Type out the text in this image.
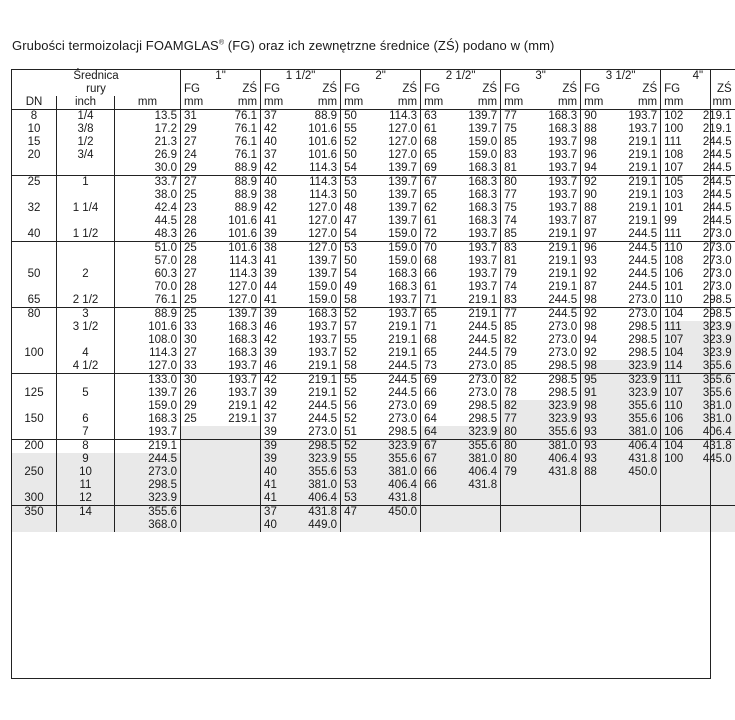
Grubości termoizolacji FOAMGLAS® (FG) oraz ich zewnętrzne średnice (ZŚ) podano w (mm)
Średnica			1"		1 1/2"		2"		2 1/2"		3"		3 1/2"		4"	
rury			FG	ZŚ	FG	ZŚ	FG	ZŚ	FG	ZŚ	FG	ZŚ	FG	ZŚ	FG	ZŚ
DN	inch	mm	mm	mm	mm	mm	mm	mm	mm	mm	mm	mm	mm	mm	mm	mm
8	1/4	13.5	31	76.1	37	88.9	50	114.3	63	139.7	77	168.3	90	193.7	102	219.1
10	3/8	17.2	29	76.1	42	101.6	55	127.0	61	139.7	75	168.3	88	193.7	100	219.1
15	1/2	21.3	27	76.1	40	101.6	52	127.0	68	159.0	85	193.7	98	219.1	111	244.5
20	3/4	26.9	24	76.1	37	101.6	50	127.0	65	159.0	83	193.7	96	219.1	108	244.5
		30.0	29	88.9	42	114.3	54	139.7	69	168.3	81	193.7	94	219.1	107	244.5
25	1	33.7	27	88.9	40	114.3	53	139.7	67	168.3	80	193.7	92	219.1	105	244.5
		38.0	25	88.9	38	114.3	50	139.7	65	168.3	77	193.7	90	219.1	103	244.5
32	1 1/4	42.4	23	88.9	42	127.0	48	139.7	62	168.3	75	193.7	88	219.1	101	244.5
		44.5	28	101.6	41	127.0	47	139.7	61	168.3	74	193.7	87	219.1	99	244.5
40	1 1/2	48.3	26	101.6	39	127.0	54	159.0	72	193.7	85	219.1	97	244.5	111	273.0
		51.0	25	101.6	38	127.0	53	159.0	70	193.7	83	219.1	96	244.5	110	273.0
		57.0	28	114.3	41	139.7	50	159.0	68	193.7	81	219.1	93	244.5	108	273.0
50	2	60.3	27	114.3	39	139.7	54	168.3	66	193.7	79	219.1	92	244.5	106	273.0
		70.0	28	127.0	44	159.0	49	168.3	61	193.7	74	219.1	87	244.5	101	273.0
65	2 1/2	76.1	25	127.0	41	159.0	58	193.7	71	219.1	83	244.5	98	273.0	110	298.5
80	3	88.9	25	139.7	39	168.3	52	193.7	65	219.1	77	244.5	92	273.0	104	298.5
	3 1/2	101.6	33	168.3	46	193.7	57	219.1	71	244.5	85	273.0	98	298.5	111	323.9
		108.0	30	168.3	42	193.7	55	219.1	68	244.5	82	273.0	94	298.5	107	323.9
100	4	114.3	27	168.3	39	193.7	52	219.1	65	244.5	79	273.0	92	298.5	104	323.9
	4 1/2	127.0	33	193.7	46	219.1	58	244.5	73	273.0	85	298.5	98	323.9	114	355.6
		133.0	30	193.7	42	219.1	55	244.5	69	273.0	82	298.5	95	323.9	111	355.6
125	5	139.7	26	193.7	39	219.1	52	244.5	66	273.0	78	298.5	91	323.9	107	355.6
		159.0	29	219.1	42	244.5	56	273.0	69	298.5	82	323.9	98	355.6	110	381.0
150	6	168.3	25	219.1	37	244.5	52	273.0	64	298.5	77	323.9	93	355.6	106	381.0
	7	193.7			39	273.0	51	298.5	64	323.9	80	355.6	93	381.0	106	406.4
200	8	219.1			39	298.5	52	323.9	67	355.6	80	381.0	93	406.4	104	431.8
	9	244.5			39	323.9	55	355.6	67	381.0	80	406.4	93	431.8	100	445.0
250	10	273.0			40	355.6	53	381.0	66	406.4	79	431.8	88	450.0		
	11	298.5			41	381.0	53	406.4	66	431.8						
300	12	323.9			41	406.4	53	431.8								
350	14	355.6			37	431.8	47	450.0								
		368.0			40	449.0										
